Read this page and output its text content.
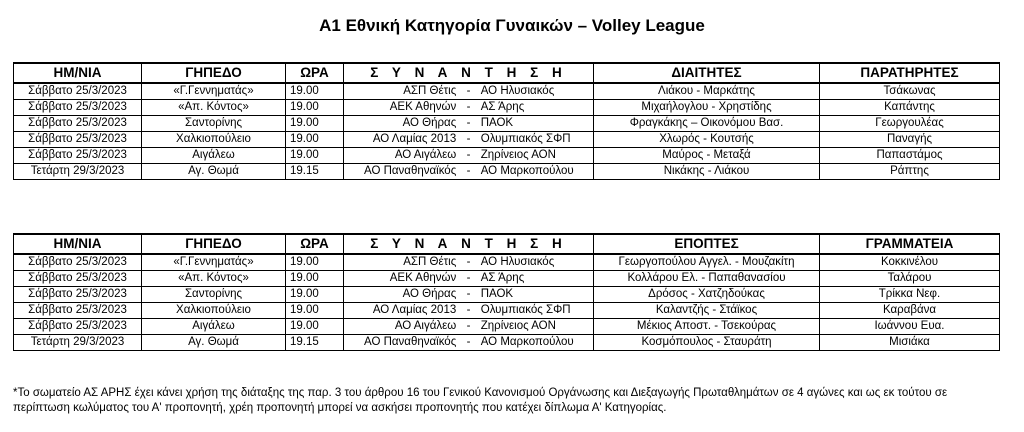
Α1 Εθνική Κατηγορία Γυναικών – Volley League
ΗΜ/ΝΙΑ	ΓΗΠΕΔΟ	ΩΡΑ	Σ Υ Ν Α Ν Τ Η Σ Η	ΔΙΑΙΤΗΤΕΣ	ΠΑΡΑΤΗΡΗΤΕΣ
Σάββατο 25/3/2023	«Γ.Γεννηματάς»	19.00	ΑΣΠ Θέτις - ΑΟ Ηλυσιακός	Λιάκου - Μαρκάτης	Τσάκωνας
Σάββατο 25/3/2023	«Απ. Κόντος»	19.00	ΑΕΚ Αθηνών - ΑΣ Άρης	Μιχαήλογλου - Χρηστίδης	Καπάντης
Σάββατο 25/3/2023	Σαντορίνης	19.00	ΑΟ Θήρας - ΠΑΟΚ	Φραγκάκης – Οικονόμου Βασ.	Γεωργουλέας
Σάββατο 25/3/2023	Χαλκιοπούλειο	19.00	ΑΟ Λαμίας 2013 - Ολυμπιακός ΣΦΠ	Χλωρός - Κουτσής	Παναγής
Σάββατο 25/3/2023	Αιγάλεω	19.00	ΑΟ Αιγάλεω - Ζηρίνειος ΑΟΝ	Μαύρος - Μεταξά	Παπαστάμος
Τετάρτη 29/3/2023	Αγ. Θωμά	19.15	ΑΟ Παναθηναϊκός - ΑΟ Μαρκοπούλου	Νικάκης - Λιάκου	Ράπτης
ΗΜ/ΝΙΑ	ΓΗΠΕΔΟ	ΩΡΑ	Σ Υ Ν Α Ν Τ Η Σ Η	ΕΠΟΠΤΕΣ	ΓΡΑΜΜΑΤΕΙΑ
Σάββατο 25/3/2023	«Γ.Γεννηματάς»	19.00	ΑΣΠ Θέτις - ΑΟ Ηλυσιακός	Γεωργοπούλου Αγγελ. - Μουζακίτη	Κοκκινέλου
Σάββατο 25/3/2023	«Απ. Κόντος»	19.00	ΑΕΚ Αθηνών - ΑΣ Άρης	Κολλάρου Ελ. - Παπαθανασίου	Ταλάρου
Σάββατο 25/3/2023	Σαντορίνης	19.00	ΑΟ Θήρας - ΠΑΟΚ	Δρόσος - Χατζηδούκας	Τρίκκα Νεφ.
Σάββατο 25/3/2023	Χαλκιοπούλειο	19.00	ΑΟ Λαμίας 2013 - Ολυμπιακός ΣΦΠ	Καλαντζής - Στάϊκος	Καραβάνα
Σάββατο 25/3/2023	Αιγάλεω	19.00	ΑΟ Αιγάλεω - Ζηρίνειος ΑΟΝ	Μέκιος Αποστ. - Τσεκούρας	Ιωάννου Ευα.
Τετάρτη 29/3/2023	Αγ. Θωμά	19.15	ΑΟ Παναθηναϊκός - ΑΟ Μαρκοπούλου	Κοσμόπουλος - Σταυράτη	Μισιάκα
*Το σωματείο ΑΣ ΑΡΗΣ έχει κάνει χρήση της διάταξης της παρ. 3 του άρθρου 16 του Γενικού Κανονισμού Οργάνωσης και Διεξαγωγής Πρωταθλημάτων σε 4 αγώνες και ως εκ τούτου σε περίπτωση κωλύματος του Α' προπονητή, χρέη προπονητή μπορεί να ασκήσει προπονητής που κατέχει δίπλωμα Α' Κατηγορίας.
